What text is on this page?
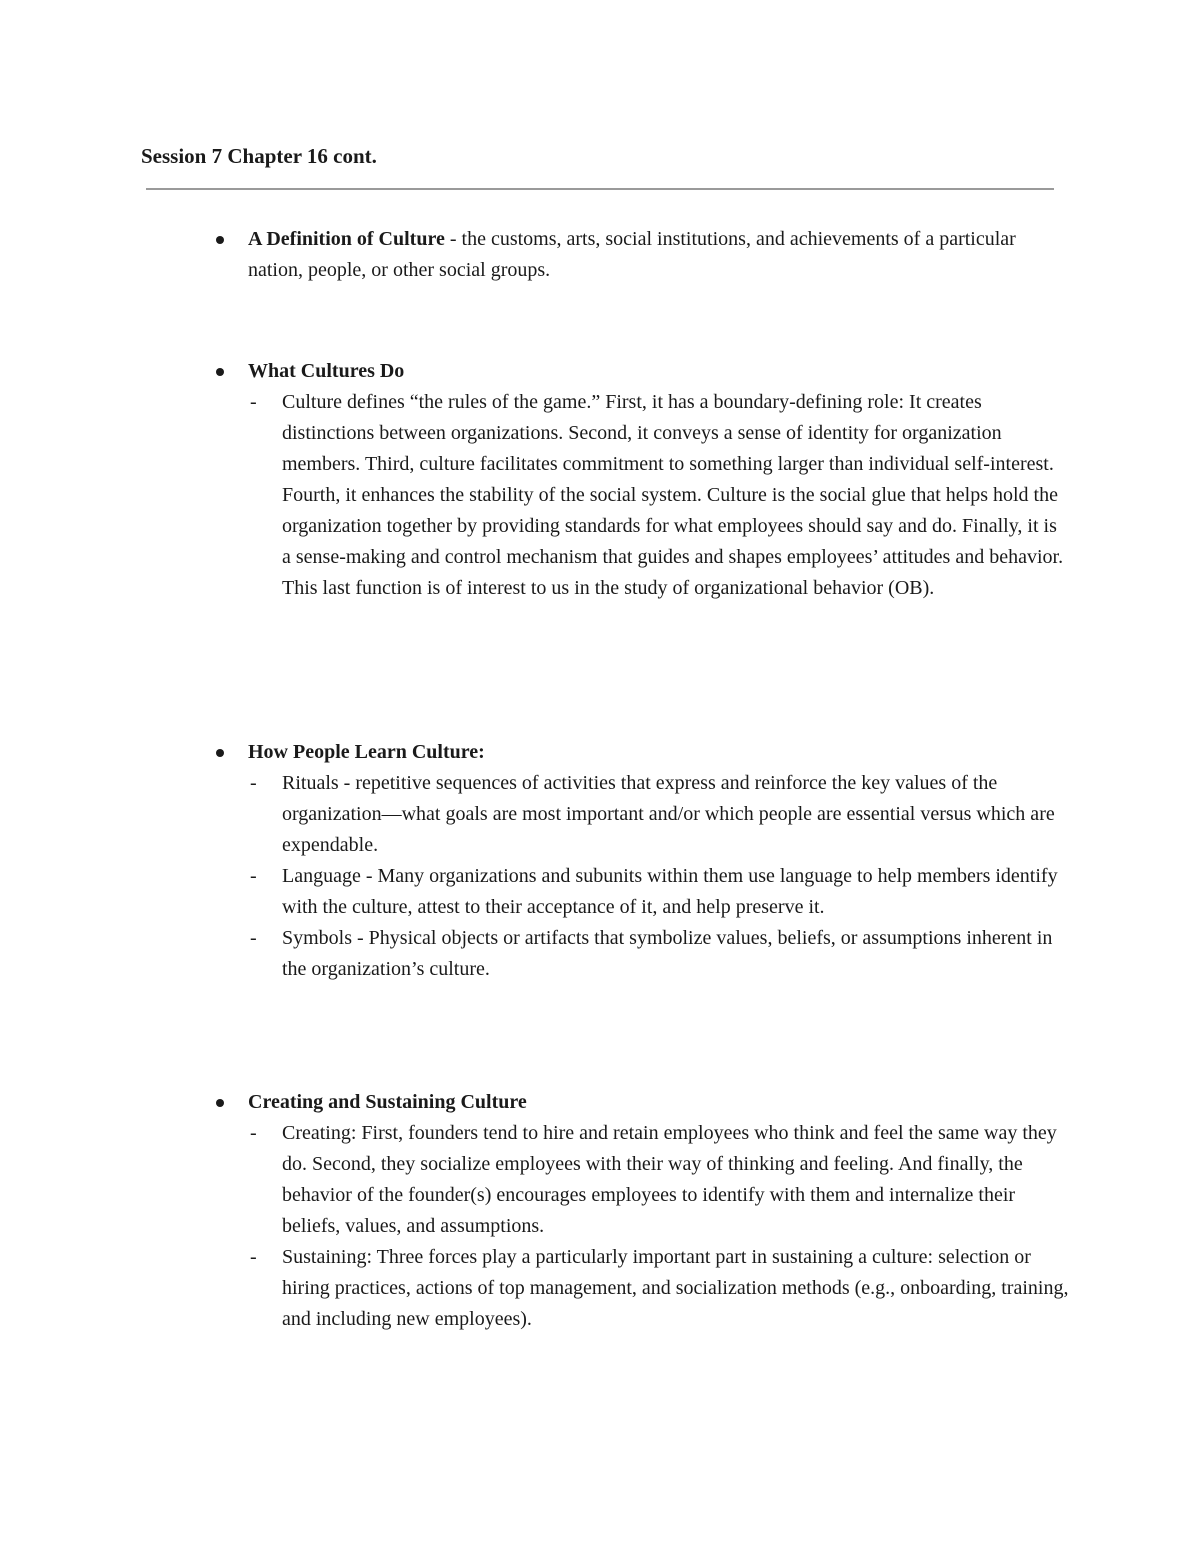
Session 7 Chapter 16 cont.
A Definition of Culture - the customs, arts, social institutions, and achievements of a particular nation, people, or other social groups.
What Cultures Do
- Culture defines “the rules of the game.” First, it has a boundary-defining role: It creates distinctions between organizations. Second, it conveys a sense of identity for organization members. Third, culture facilitates commitment to something larger than individual self-interest. Fourth, it enhances the stability of the social system. Culture is the social glue that helps hold the organization together by providing standards for what employees should say and do. Finally, it is a sense-making and control mechanism that guides and shapes employees’ attitudes and behavior. This last function is of interest to us in the study of organizational behavior (OB).
How People Learn Culture:
- Rituals - repetitive sequences of activities that express and reinforce the key values of the organization—what goals are most important and/or which people are essential versus which are expendable.
- Language - Many organizations and subunits within them use language to help members identify with the culture, attest to their acceptance of it, and help preserve it.
- Symbols - Physical objects or artifacts that symbolize values, beliefs, or assumptions inherent in the organization’s culture.
Creating and Sustaining Culture
- Creating: First, founders tend to hire and retain employees who think and feel the same way they do. Second, they socialize employees with their way of thinking and feeling. And finally, the behavior of the founder(s) encourages employees to identify with them and internalize their beliefs, values, and assumptions.
- Sustaining: Three forces play a particularly important part in sustaining a culture: selection or hiring practices, actions of top management, and socialization methods (e.g., onboarding, training, and including new employees).
